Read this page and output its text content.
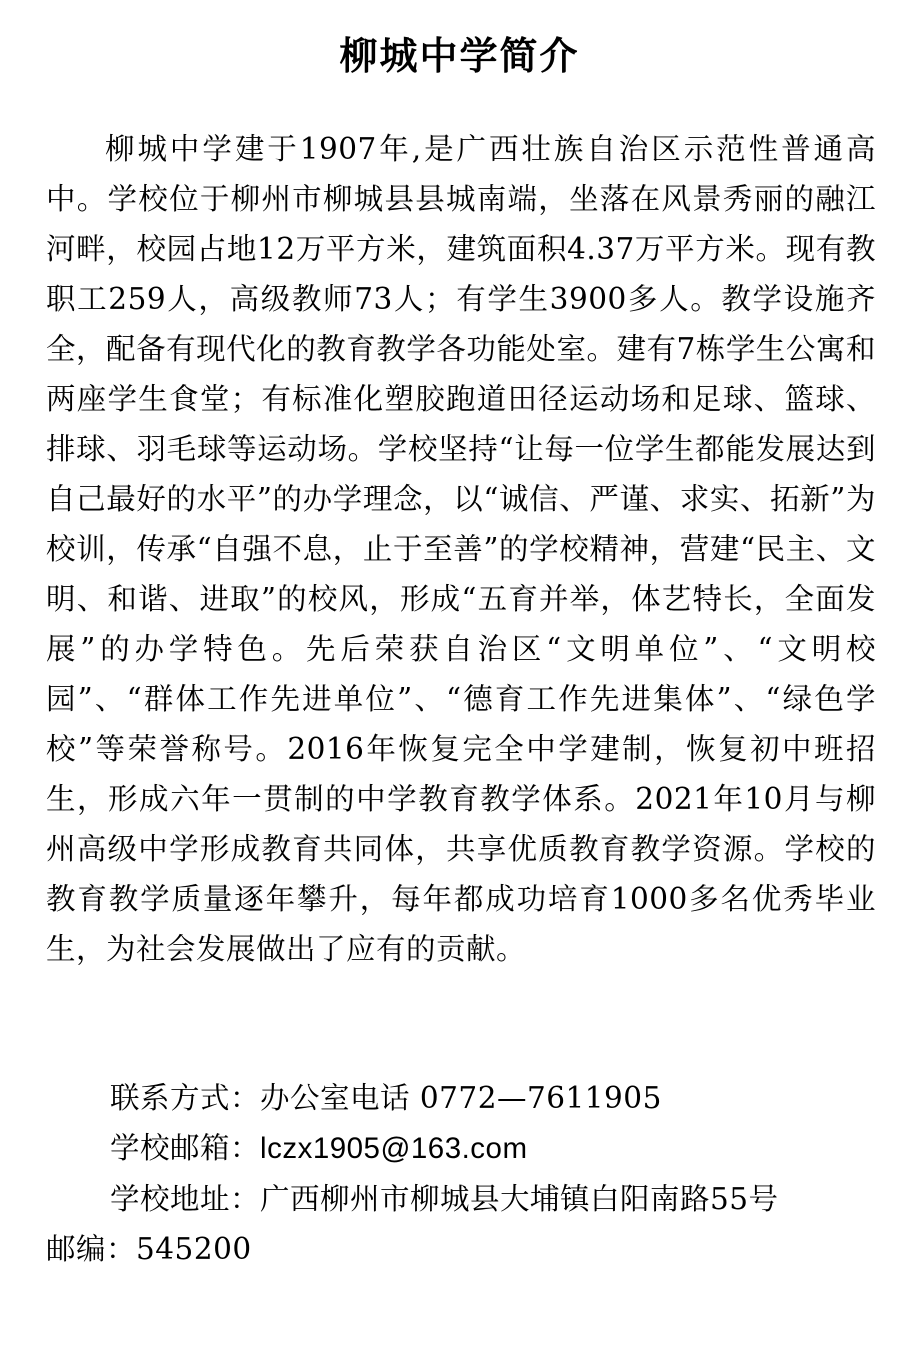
柳城中学简介

柳城中学建于1907年,是广西壮族自治区示范性普通高中。学校位于柳州市柳城县县城南端，坐落在风景秀丽的融江河畔，校园占地12万平方米，建筑面积4.37万平方米。现有教职工259人，高级教师73人；有学生3900多人。教学设施齐全，配备有现代化的教育教学各功能处室。建有7栋学生公寓和两座学生食堂；有标准化塑胶跑道田径运动场和足球、篮球、排球、羽毛球等运动场。学校坚持“让每一位学生都能发展达到自己最好的水平”的办学理念，以“诚信、严谨、求实、拓新”为校训，传承“自强不息，止于至善”的学校精神，营建“民主、文明、和谐、进取”的校风，形成“五育并举，体艺特长，全面发展”的办学特色。先后荣获自治区“文明单位”、“文明校园”、“群体工作先进单位”、“德育工作先进集体”、“绿色学校”等荣誉称号。2016年恢复完全中学建制，恢复初中班招生，形成六年一贯制的中学教育教学体系。2021年10月与柳州高级中学形成教育共同体，共享优质教育教学资源。学校的教育教学质量逐年攀升，每年都成功培育1000多名优秀毕业生，为社会发展做出了应有的贡献。

联系方式：办公室电话 0772—7611905
学校邮箱：lczx1905@163.com
学校地址：广西柳州市柳城县大埔镇白阳南路55号
邮编：545200
